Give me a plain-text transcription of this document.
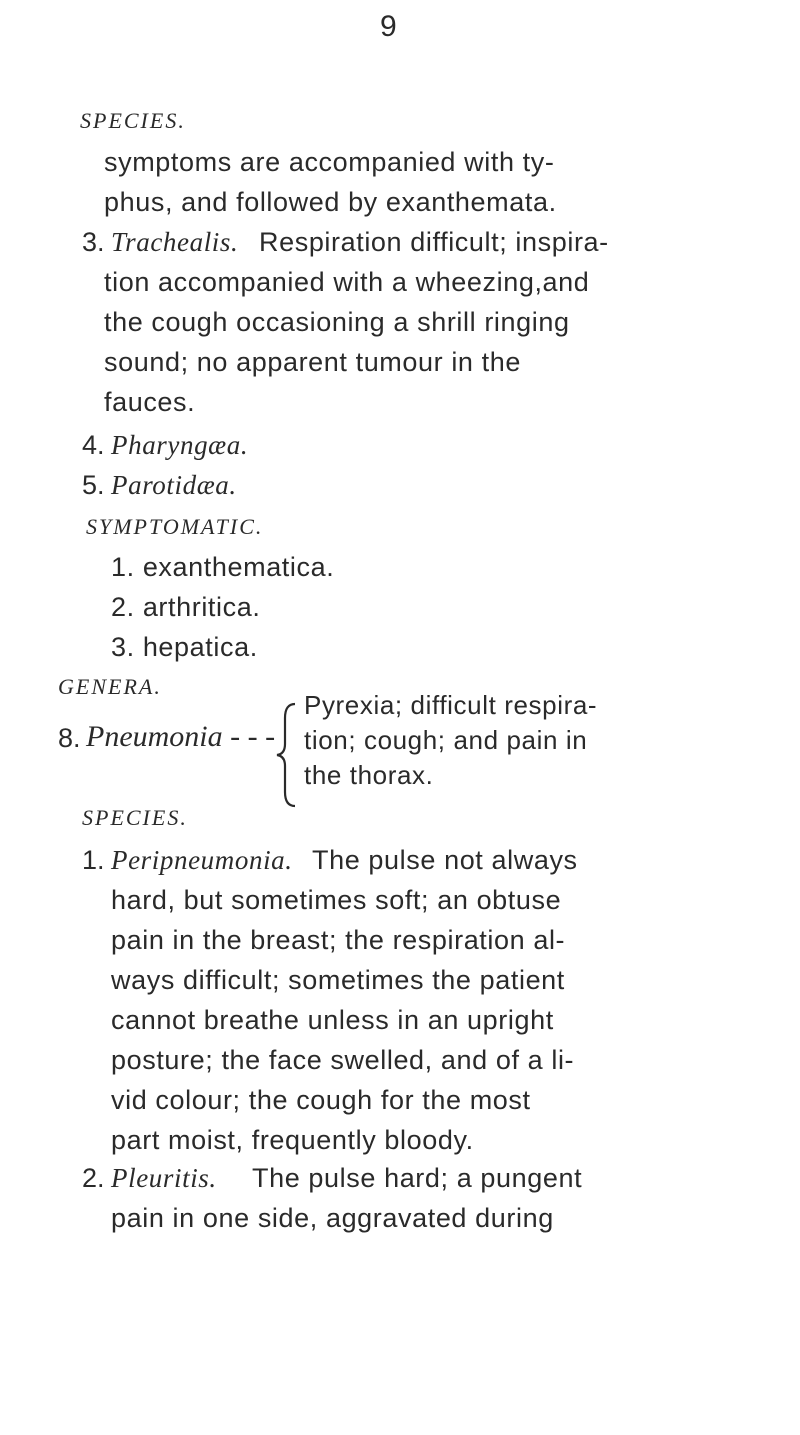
9
SPECIES.
symptoms are accompanied with ty-
phus, and followed by exanthemata.
3. Trachealis. Respiration difficult; inspira-
tion accompanied with a wheezing,and
the cough occasioning a shrill ringing
sound; no apparent tumour in the
fauces.
4. Pharyngæa.
5. Parotidæa.
SYMPTOMATIC.
1. exanthematica.
2. arthritica.
3. hepatica.
GENERA.
8. Pneumonia - - -
Pyrexia; difficult respira-
tion; cough; and pain in
the thorax.
SPECIES.
1. Peripneumonia. The pulse not always
hard, but sometimes soft; an obtuse
pain in the breast; the respiration al-
ways difficult; sometimes the patient
cannot breathe unless in an upright
posture; the face swelled, and of a li-
vid colour; the cough for the most
part moist, frequently bloody.
2. Pleuritis. The pulse hard; a pungent
pain in one side, aggravated during
